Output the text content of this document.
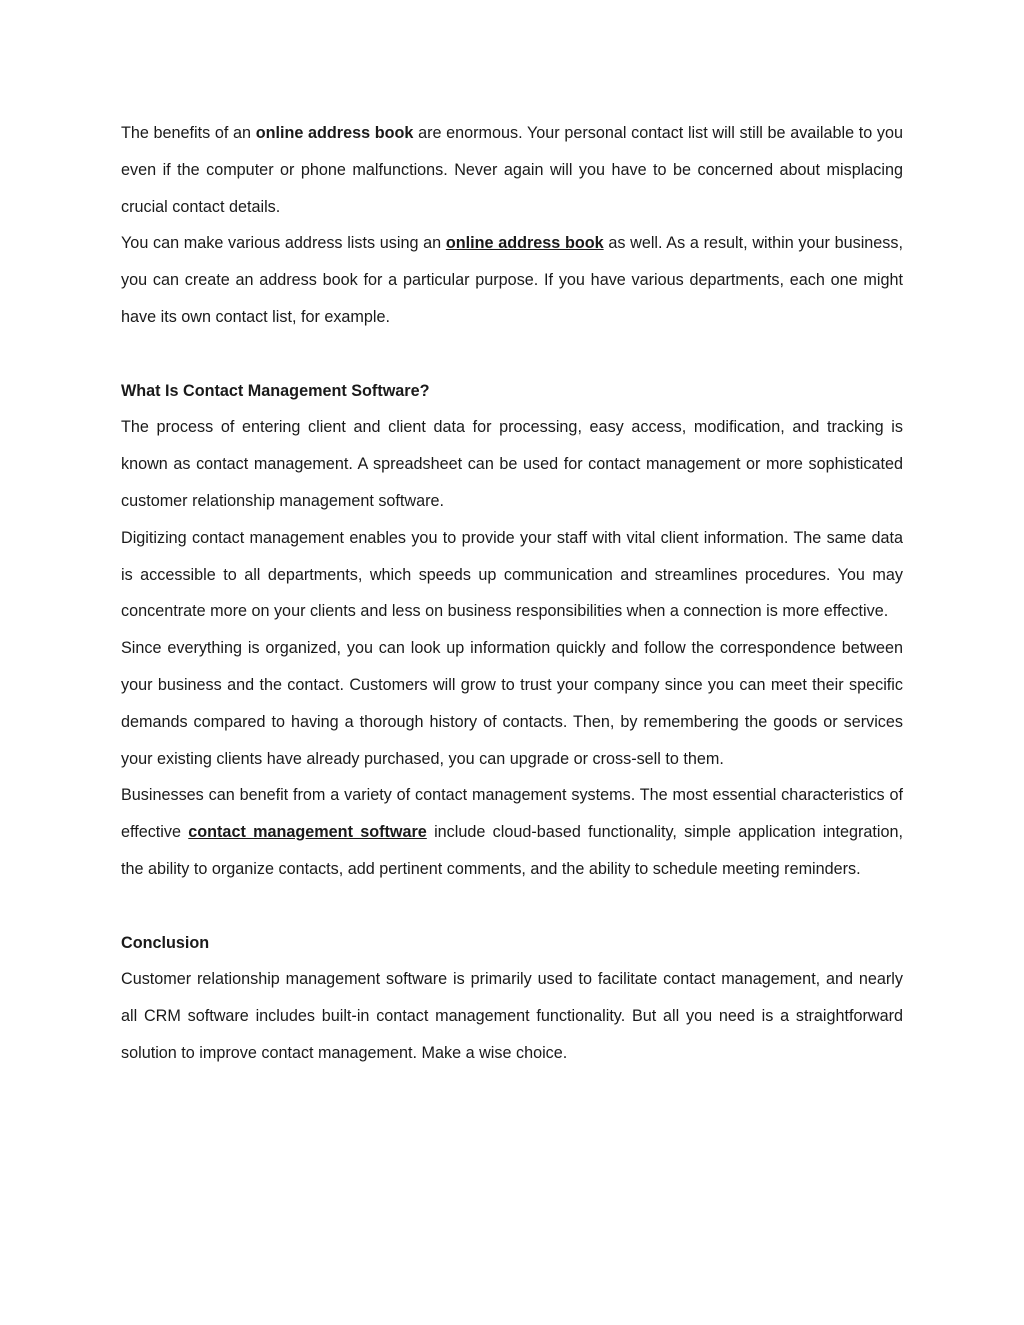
The benefits of an online address book are enormous. Your personal contact list will still be available to you even if the computer or phone malfunctions. Never again will you have to be concerned about misplacing crucial contact details.

You can make various address lists using an online address book as well. As a result, within your business, you can create an address book for a particular purpose. If you have various departments, each one might have its own contact list, for example.

What Is Contact Management Software?

The process of entering client and client data for processing, easy access, modification, and tracking is known as contact management. A spreadsheet can be used for contact management or more sophisticated customer relationship management software.

Digitizing contact management enables you to provide your staff with vital client information. The same data is accessible to all departments, which speeds up communication and streamlines procedures. You may concentrate more on your clients and less on business responsibilities when a connection is more effective.

Since everything is organized, you can look up information quickly and follow the correspondence between your business and the contact. Customers will grow to trust your company since you can meet their specific demands compared to having a thorough history of contacts. Then, by remembering the goods or services your existing clients have already purchased, you can upgrade or cross-sell to them.

Businesses can benefit from a variety of contact management systems. The most essential characteristics of effective contact management software include cloud-based functionality, simple application integration, the ability to organize contacts, add pertinent comments, and the ability to schedule meeting reminders.

Conclusion

Customer relationship management software is primarily used to facilitate contact management, and nearly all CRM software includes built-in contact management functionality. But all you need is a straightforward solution to improve contact management. Make a wise choice.
